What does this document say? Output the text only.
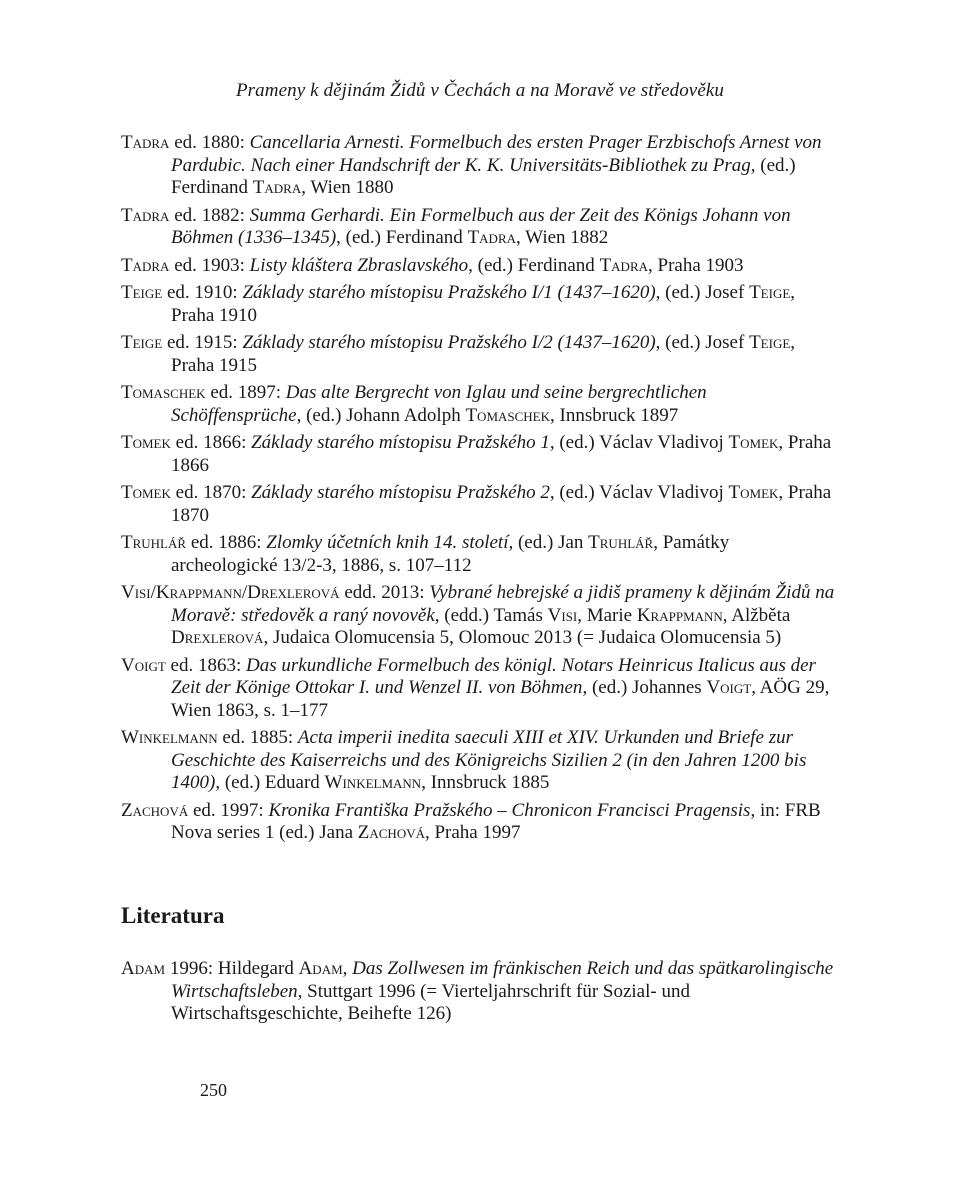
Prameny k dějinám Židů v Čechách a na Moravě ve středověku

Tadra ed. 1880: Cancellaria Arnesti. Formelbuch des ersten Prager Erzbischofs Arnest von Pardubic. Nach einer Handschrift der K. K. Universitäts-Bibliothek zu Prag, (ed.) Ferdinand Tadra, Wien 1880

Tadra ed. 1882: Summa Gerhardi. Ein Formelbuch aus der Zeit des Königs Johann von Böhmen (1336–1345), (ed.) Ferdinand Tadra, Wien 1882

Tadra ed. 1903: Listy kláštera Zbraslavského, (ed.) Ferdinand Tadra, Praha 1903

Teige ed. 1910: Základy starého místopisu Pražského I/1 (1437–1620), (ed.) Josef Teige, Praha 1910

Teige ed. 1915: Základy starého místopisu Pražského I/2 (1437–1620), (ed.) Josef Teige, Praha 1915

Tomaschek ed. 1897: Das alte Bergrecht von Iglau und seine bergrechtlichen Schöffensprüche, (ed.) Johann Adolph Tomaschek, Innsbruck 1897

Tomek ed. 1866: Základy starého místopisu Pražského 1, (ed.) Václav Vladivoj Tomek, Praha 1866

Tomek ed. 1870: Základy starého místopisu Pražského 2, (ed.) Václav Vladivoj Tomek, Praha 1870

Truhlář ed. 1886: Zlomky účetních knih 14. století, (ed.) Jan Truhlář, Památky archeologické 13/2-3, 1886, s. 107–112

Visi/Krappmann/Drexlerová edd. 2013: Vybrané hebrejské a jidiš prameny k dějinám Židů na Moravě: středověk a raný novověk, (edd.) Tamás Visi, Marie Krappmann, Alžběta Drexlerová, Judaica Olomucensia 5, Olomouc 2013 (= Judaica Olomucensia 5)

Voigt ed. 1863: Das urkundliche Formelbuch des königl. Notars Heinricus Italicus aus der Zeit der Könige Ottokar I. und Wenzel II. von Böhmen, (ed.) Johannes Voigt, AÖG 29, Wien 1863, s. 1–177

Winkelmann ed. 1885: Acta imperii inedita saeculi XIII et XIV. Urkunden und Briefe zur Geschichte des Kaiserreichs und des Königreichs Sizilien 2 (in den Jahren 1200 bis 1400), (ed.) Eduard Winkelmann, Innsbruck 1885

Zachová ed. 1997: Kronika Františka Pražského – Chronicon Francisci Pragensis, in: FRB Nova series 1 (ed.) Jana Zachová, Praha 1997

Literatura

Adam 1996: Hildegard Adam, Das Zollwesen im fränkischen Reich und das spätkarolingische Wirtschaftsleben, Stuttgart 1996 (= Vierteljahrschrift für Sozial- und Wirtschaftsgeschichte, Beihefte 126)

250
